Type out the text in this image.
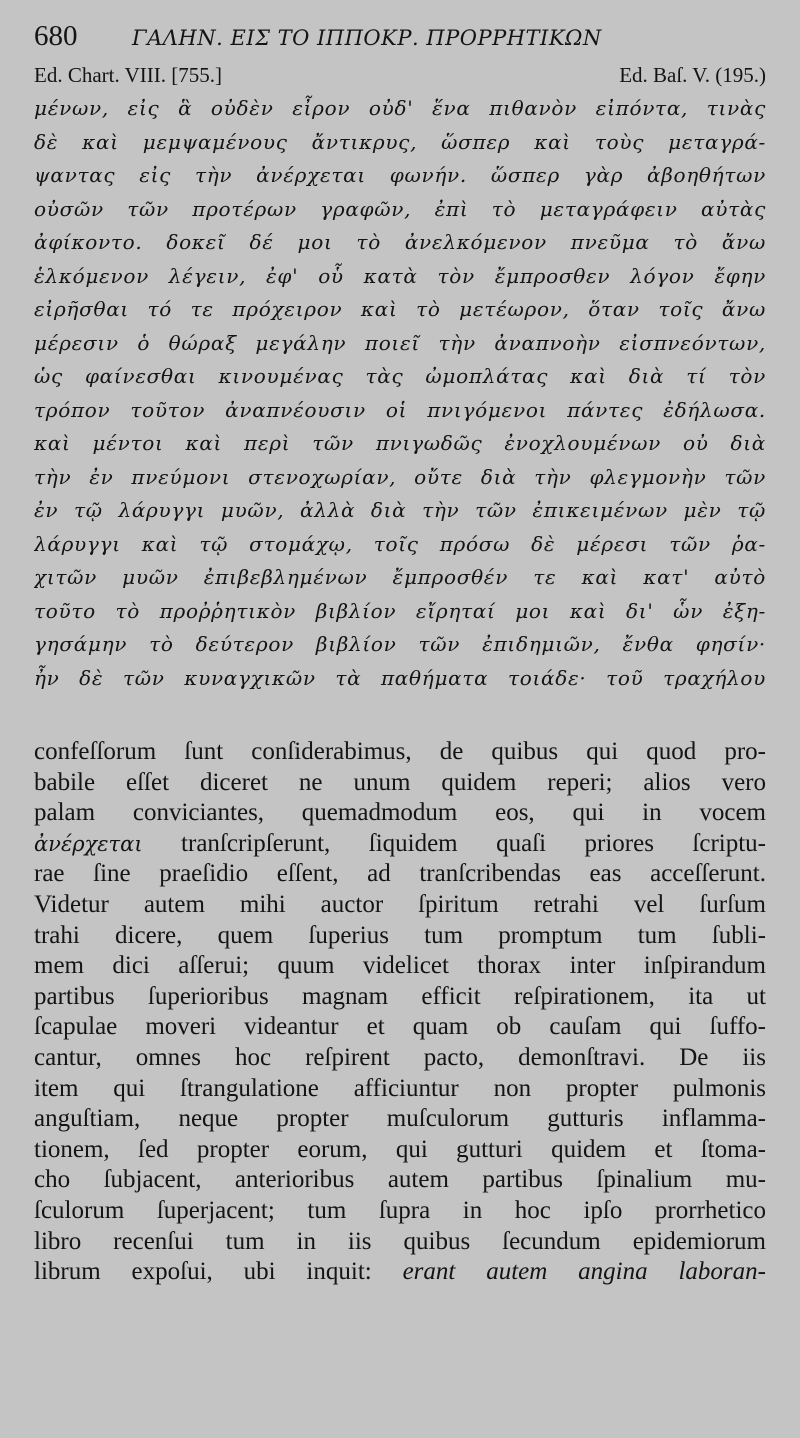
680	ΓΑΛΗΝ. ΕΙΣ ΤΟ ΙΠΠΟΚΡ. ΠΡΟΡΡΗΤΙΚΩΝ
Ed. Chart. VIII. [755.]	Ed. Baſ. V. (195.)
μένων, εἰς ἃ οὐδὲν εἶρον οὐδ' ἕνα πιθανὸν εἰπόντα, τινὰς
δὲ καὶ μεμψαμένους ἄντικρυς, ὥσπερ καὶ τοὺς μεταγρά-
ψαντας εἰς τὴν ἀνέρχεται φωνήν. ὥσπερ γὰρ ἀβοηθήτων
οὐσῶν τῶν προτέρων γραφῶν, ἐπὶ τὸ μεταγράφειν αὐτὰς
ἀφίκοντο. δοκεῖ δέ μοι τὸ ἀνελκόμενον πνεῦμα τὸ ἄνω
ἑλκόμενον λέγειν, ἐφ' οὗ κατὰ τὸν ἔμπροσθεν λόγον ἔφην
εἰρῆσθαι τό τε πρόχειρον καὶ τὸ μετέωρον, ὅταν τοῖς ἄνω
μέρεσιν ὁ θώραξ μεγάλην ποιεῖ τὴν ἀναπνοὴν εἰσπνεόντων,
ὡς φαίνεσθαι κινουμένας τὰς ὠμοπλάτας καὶ διὰ τί τὸν
τρόπον τοῦτον ἀναπνέουσιν οἱ πνιγόμενοι πάντες ἐδήλωσα.
καὶ μέντοι καὶ περὶ τῶν πνιγωδῶς ἐνοχλουμένων οὐ διὰ
τὴν ἐν πνεύμονι στενοχωρίαν, οὔτε διὰ τὴν φλεγμονὴν τῶν
ἐν τῷ λάρυγγι μυῶν, ἀλλὰ διὰ τὴν τῶν ἐπικειμένων μὲν τῷ
λάρυγγι καὶ τῷ στομάχῳ, τοῖς πρόσω δὲ μέρεσι τῶν ῥα-
χιτῶν μυῶν ἐπιβεβλημένων ἔμπροσθέν τε καὶ κατ' αὐτὸ
τοῦτο τὸ προῤῥητικὸν βιβλίον εἴρηταί μοι καὶ δι' ὧν ἐξη-
γησάμην τὸ δεύτερον βιβλίον τῶν ἐπιδημιῶν, ἔνθα φησίν·
ἦν δὲ τῶν κυναγχικῶν τὰ παθήματα τοιάδε· τοῦ τραχήλου
confeſſorum ſunt conſiderabimus, de quibus qui quod pro-
babile eſſet diceret ne unum quidem reperi; alios vero
palam conviciantes, quemadmodum eos, qui in vocem
ἀνέρχεται tranſcripſerunt, ſiquidem quaſi priores ſcriptu-
rae ſine praeſidio eſſent, ad tranſcribendas eas acceſſerunt.
Videtur autem mihi auctor ſpiritum retrahi vel ſurſum
trahi dicere, quem ſuperius tum promptum tum ſubli-
mem dici aſſerui; quum videlicet thorax inter inſpirandum
partibus ſuperioribus magnam efficit reſpirationem, ita ut
ſcapulae moveri videantur et quam ob cauſam qui ſuffo-
cantur, omnes hoc reſpirent pacto, demonſtravi. De iis
item qui ſtrangulatione afficiuntur non propter pulmonis
anguſtiam, neque propter muſculorum gutturis inflamma-
tionem, ſed propter eorum, qui gutturi quidem et ſtoma-
cho ſubjacent, anterioribus autem partibus ſpinalium mu-
ſculorum ſuperjacent; tum ſupra in hoc ipſo prorrhetico
libro recenſui tum in iis quibus ſecundum epidemiorum
librum expoſui, ubi inquit: erant autem angina laboran-
